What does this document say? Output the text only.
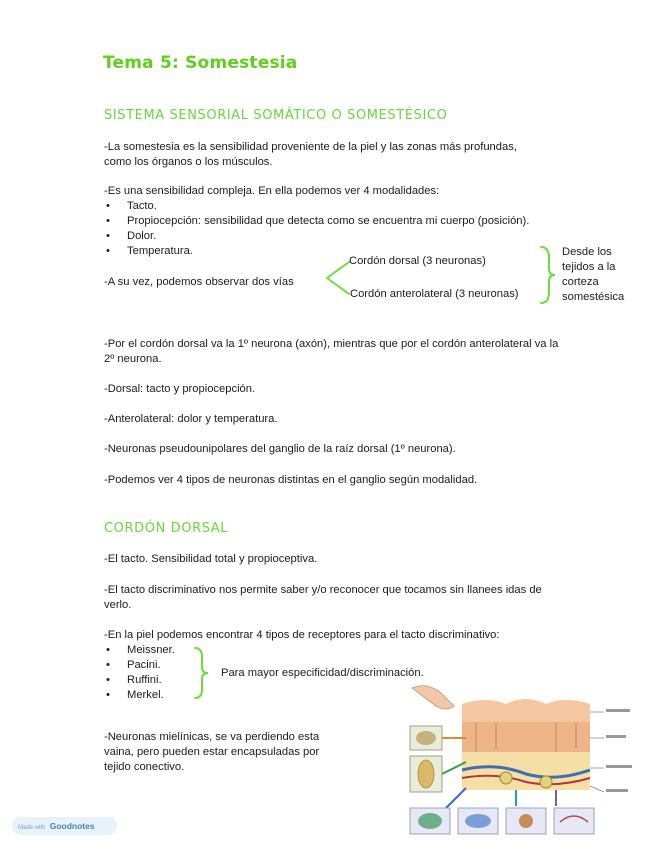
Tema 5: Somestesia
SISTEMA SENSORIAL SOMÁTICO O SOMESTÉSICO
-La somestesia es la sensibilidad proveniente de la piel y las zonas más profundas,
como los órganos o los músculos.
-Es una sensibilidad compleja. En ella podemos ver 4 modalidades:
• Tacto.
• Propiocepción: sensibilidad que detecta como se encuentra mi cuerpo (posición).
• Dolor.
• Temperatura.
-A su vez, podemos observar dos vías
Cordón dorsal (3 neuronas)
Cordón anterolateral (3 neuronas)
Desde los
tejidos a la
corteza
somestésica
-Por el cordón dorsal va la 1º neurona (axón), mientras que por el cordón anterolateral va la
2º neurona.
-Dorsal: tacto y propiocepción.
-Anterolateral: dolor y temperatura.
-Neuronas pseudounipolares del ganglio de la raíz dorsal (1º neurona).
-Podemos ver 4 tipos de neuronas distintas en el ganglio según modalidad.
CORDÓN DORSAL
-El tacto. Sensibilidad total y propioceptiva.
-El tacto discriminativo nos permite saber y/o reconocer que tocamos sin llanees idas de
verlo.
-En la piel podemos encontrar 4 tipos de receptores para el tacto discriminativo:
• Meissner.
• Pacini.
• Ruffini.
• Merkel.
Para mayor especificidad/discriminación.
-Neuronas mielínicas, se va perdiendo esta
vaina, pero pueden estar encapsuladas por
tejido conectivo.
Made with Goodnotes
